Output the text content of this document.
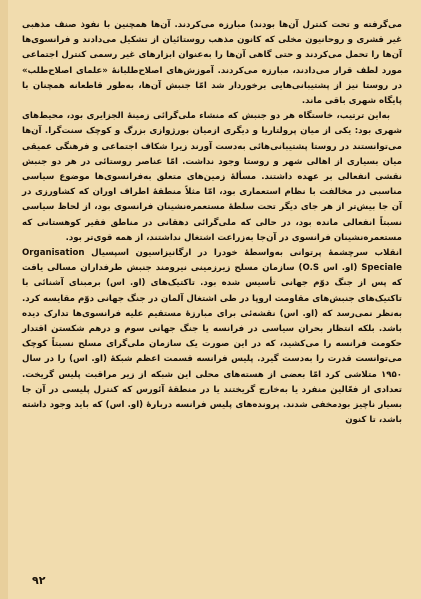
می‌گرفته و تحت کنترل آن‌ها بودند) مبارزه می‌کردند. آن‌ها همچنین با نفوذ صنف مذهبی غیر قشری و روحانیون مخلی که کانون مذهب روستائیان از تشکیل می‌دادند و فرانسوی‌ها آن‌ها را تحمل می‌کردند و حتی گاهی آن‌ها را به‌عنوان ابزارهای غیر رسمی کنترل اجتماعی مورد لطف قرار می‌دادند، مبارزه می‌کردند. آموزش‌های اصلاح‌طلبانهٔ «علمای اصلاح‌طلب» در روستا نیز از پشتیبانی‌هایی برخوردار شد امّا جنبش آن‌ها، به‌طور قاطعانه همچنان با پایگاه شهری باقی ماند.

به‌این ترتیب، خاستگاه هر دو جنبش که منشاء ملی‌گرائی زمینهٔ الجزایری بود، محیط‌های شهری بود: یکی از میان پرولتاریا و دیگری ازمیان بورژوازی بزرگ و کوچک سنت‌گرا. آن‌ها می‌توانستند در روستا پشتیبانی‌هائی به‌دست آورند زیرا شکاف اجتماعی و فرهنگی عمیقی میان بسیاری از اهالی شهر و روستا وجود نداشت. امّا عناصر روستائی در هر دو جنبش نقشی انفعالی بر عهده داشتند. مسألهٔ زمین‌های متعلق به‌فرانسوی‌ها موضوع سیاسی مناسبی در مخالفت با نظام استعماری بود، امّا مثلاً منطقهٔ اطراف اوران که کشاورزی در آن جا بیش‌تر از هر جای دیگر تحت سلطهٔ مستعمره‌نشینان فرانسوی بود، از لحاظ سیاسی نسبتاً انفعالی مانده بود، در حالی که ملی‌گرائی دهقانی در مناطق فقیر کوهستانی که مستعمره‌نشینان فرانسوی در آن‌جا به‌زراعت اشتغال نداشتند، از همه قوی‌تر بود.

انقلاب سرچشمهٔ پرتوانی به‌واسطهٔ خودرا در ارگانیزاسیون اسپسیال Organisation Speciale (او. اس O.S) سازمان مسلح زیرزمینی نیرومند جنبش طرفداران مسالی یافت که پس از جنگ دوّم جهانی تأسیس شده بود. تاکتیک‌های (او. اس) برمبنای آشنائی با تاکتیک‌های جنبش‌های مقاومت اروپا در طی اشتغال آلمان در جنگ جهانی دوّم مقایسه کرد. به‌نظر نمی‌رسد که (او. اس) نقشه‌ئی برای مبارزهٔ مستقیم علیه فرانسوی‌ها تدارک دیده باشد. بلکه انتظار بحران سیاسی در فرانسه یا جنگ جهانی سوم و درهم شکستن اقتدار حکومت فرانسه را می‌کشید، که در این صورت یک سازمان ملی‌گرای مسلح نسبتاً کوچک می‌توانست قدرت را به‌دست گیرد. پلیس فرانسه قسمت اعظم شبکهٔ (او. اس) را در سال ۱۹۵۰ متلاشی کرد امّا بعضی از هسته‌های محلی این شبکه از زیر مراقبت پلیس گریخت. تعدادی از فعّالین منفرد یا به‌خارج گریختند یا در منطقهٔ آئورس که کنترل پلیسی در آن جا بسیار ناچیز بودمخفی شدند. پرونده‌های پلیس فرانسه دربارهٔ (او. اس) که باید وجود داشته باشد، تا کنون

۹۲
